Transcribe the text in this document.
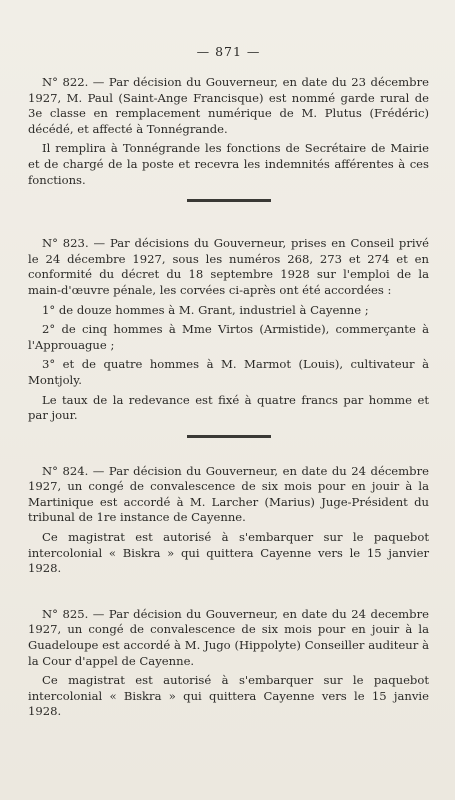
— 871 —

N° 822. — Par décision du Gouverneur, en date du 23 décembre 1927, M. Paul (Saint-Ange Francisque) est nommé garde rural de 3e classe en remplacement numérique de M. Plutus (Frédéric) décédé, et affecté à Tonnégrande.

Il remplira à Tonnégrande les fonctions de Secrétaire de Mairie et de chargé de la poste et recevra les indemnités afférentes à ces fonctions.

N° 823. — Par décisions du Gouverneur, prises en Conseil privé le 24 décembre 1927, sous les numéros 268, 273 et 274 et en conformité du décret du 18 septembre 1928 sur l'emploi de la main-d'œuvre pénale, les corvées ci-après ont été accordées :

1° de douze hommes à M. Grant, industriel à Cayenne ;

2° de cinq hommes à Mme Virtos (Armistide), commerçante à l'Approuague ;

3° et de quatre hommes à M. Marmot (Louis), cultivateur à Montjoly.

Le taux de la redevance est fixé à quatre francs par homme et par jour.

N° 824. — Par décision du Gouverneur, en date du 24 décembre 1927, un congé de convalescence de six mois pour en jouir à la Martinique est accordé à M. Larcher (Marius) Juge-Président du tribunal de 1re instance de Cayenne.

Ce magistrat est autorisé à s'embarquer sur le paquebot intercolonial « Biskra » qui quittera Cayenne vers le 15 janvier 1928.

N° 825. — Par décision du Gouverneur, en date du 24 decembre 1927, un congé de convalescence de six mois pour en jouir à la Guadeloupe est accordé à M. Jugo (Hippolyte) Conseiller auditeur à la Cour d'appel de Cayenne.

Ce magistrat est autorisé à s'embarquer sur le paquebot intercolonial « Biskra » qui quittera Cayenne vers le 15 janvie 1928.
